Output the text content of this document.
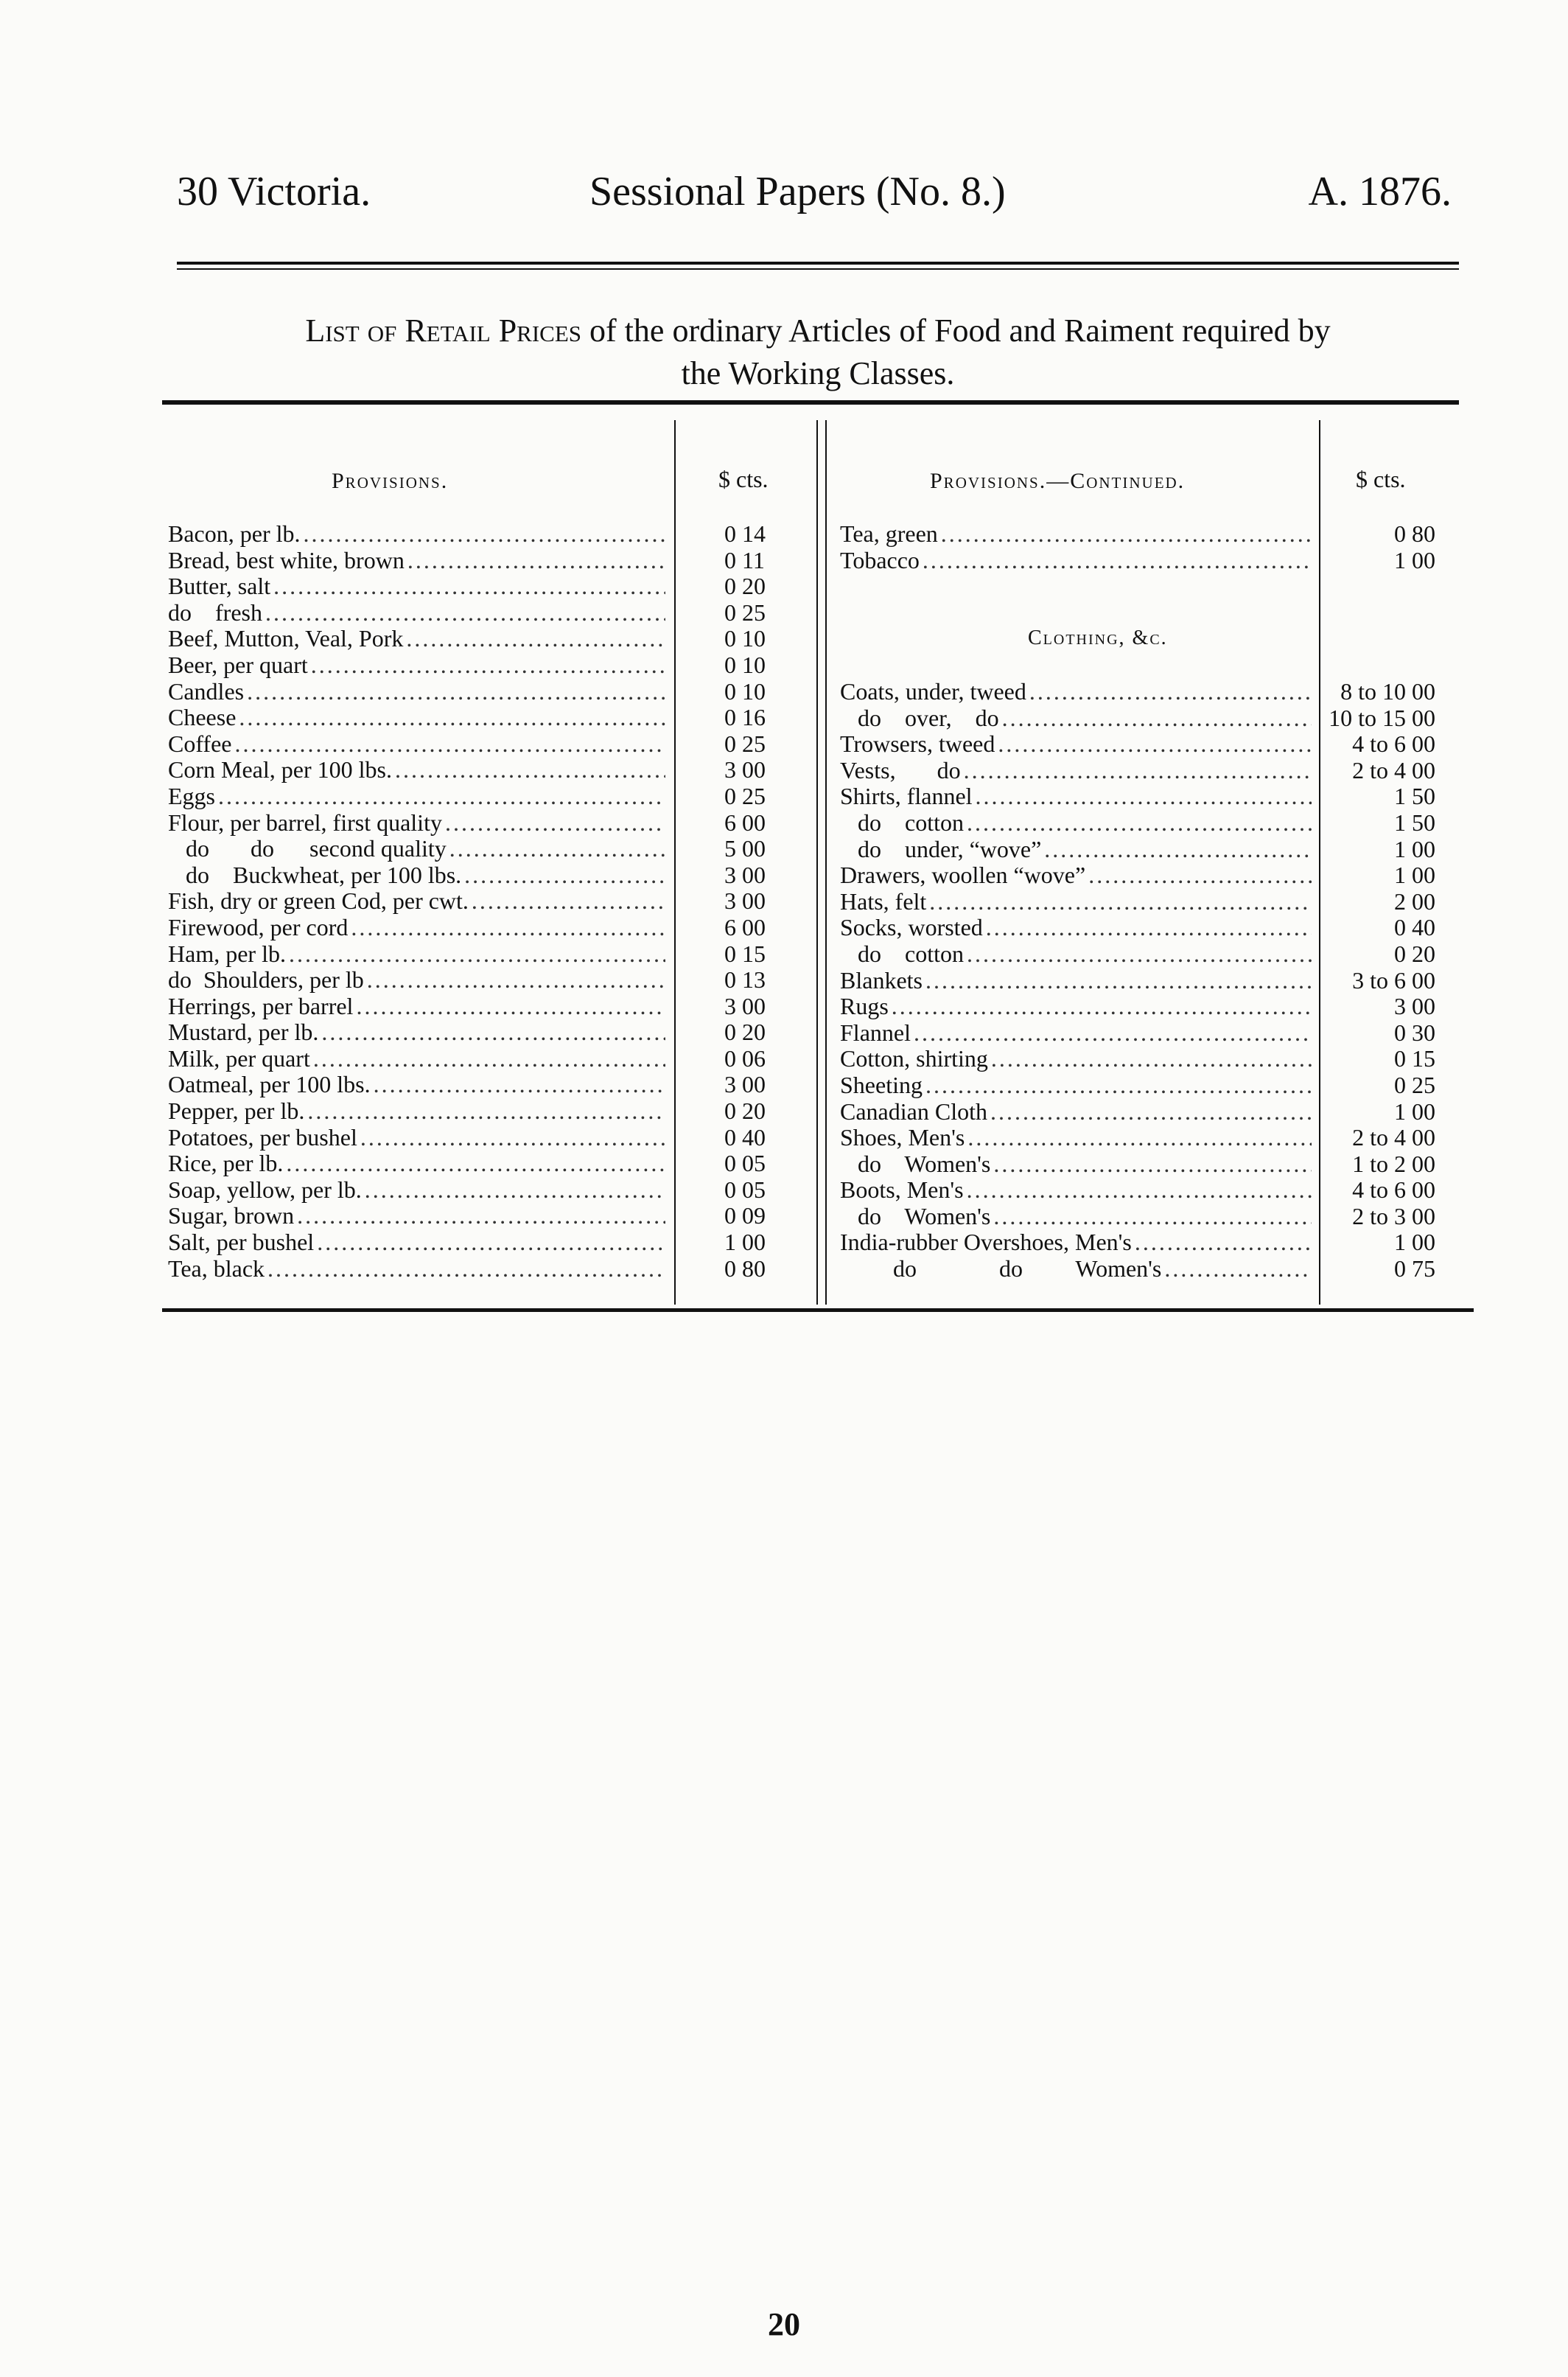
30 Victoria.	Sessional Papers (No. 8.)	A. 1876.
List of Retail Prices of the ordinary Articles of Food and Raiment required by
the Working Classes.
Provisions.	$ cts.	Provisions.—Continued.	$ cts.
Bacon, per lb. .....	0 14
Bread, best white, brown .....	0 11
Butter, salt .....	0 20
do    fresh .....	0 25
Beef, Mutton, Veal, Pork .....	0 10
Beer, per quart .....	0 10
Candles .....	0 10
Cheese .....	0 16
Coffee .....	0 25
Corn Meal, per 100 lbs. .....	3 00
Eggs .....	0 25
Flour, per barrel, first quality .....	6 00
do       do      second quality .....	5 00
do    Buckwheat, per 100 lbs. .....	3 00
Fish, dry or green Cod, per cwt. .....	3 00
Firewood, per cord .....	6 00
Ham, per lb. .....	0 15
do  Shoulders, per lb .....	0 13
Herrings, per barrel .....	3 00
Mustard, per lb. .....	0 20
Milk, per quart .....	0 06
Oatmeal, per 100 lbs. .....	3 00
Pepper, per lb. .....	0 20
Potatoes, per bushel .....	0 40
Rice, per lb. .....	0 05
Soap, yellow, per lb. .....	0 05
Sugar, brown .....	0 09
Salt, per bushel .....	1 00
Tea, black .....	0 80
Tea, green .....	0 80
Tobacco .....	1 00
Clothing, &c.
Coats, under, tweed .....	8 to 10 00
do    over,    do .....	10 to 15 00
Trowsers, tweed .....	4 to 6 00
Vests,       do .....	2 to 4 00
Shirts, flannel .....	1 50
do    cotton .....	1 50
do    under, “wove” .....	1 00
Drawers, woollen “wove” .....	1 00
Hats, felt .....	2 00
Socks, worsted .....	0 40
do    cotton .....	0 20
Blankets .....	3 to 6 00
Rugs .....	3 00
Flannel .....	0 30
Cotton, shirting .....	0 15
Sheeting .....	0 25
Canadian Cloth .....	1 00
Shoes, Men's .....	2 to 4 00
do    Women's .....	1 to 2 00
Boots, Men's .....	4 to 6 00
do    Women's .....	2 to 3 00
India-rubber Overshoes, Men's .....	1 00
do              do         Women's .....	0 75
20
